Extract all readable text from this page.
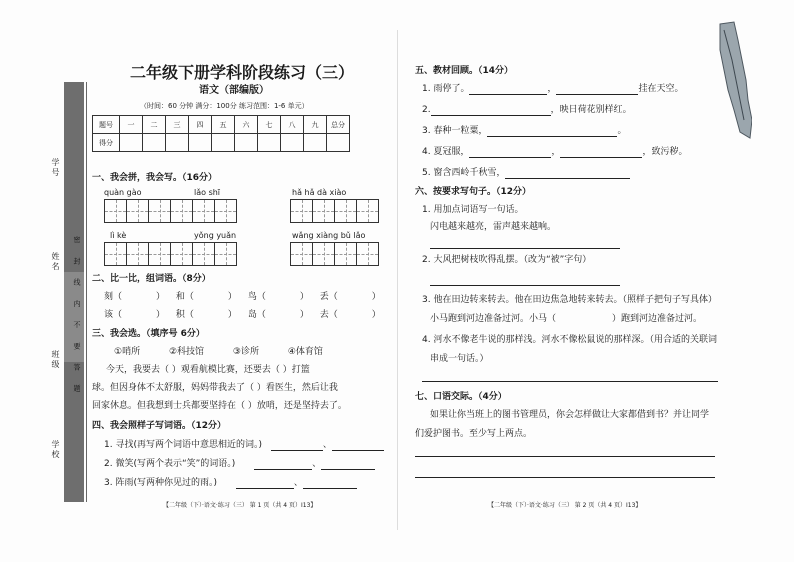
学号
姓名
班级
学校
密 封 线 内 不 要 答 题
二年级下册学科阶段练习（三）
语文（部编版）
（时间：60 分钟 满分：100分 练习范围：1-6 单元）
题号	一	二	三	四	五	六	七	八	九	总分
得分										
一、我会拼，我会写。（16分）
quàn gào	lǎo shī	hǎ hǎ dà xiào
lì kè	yǒng yuǎn	wǎng xiàng bǔ lǎo
二、比一比，组词语。（8分）
刻（	） 和（	） 鸟（	） 丢（	）
该（	） 积（	） 岛（	） 去（	）
三、我会选。（填序号 6分）
①哨所	②科技馆	③诊所	④体育馆
今天，我要去（ ）观看航模比赛，还要去（ ）打篮
球。但因身体不太舒服，妈妈带我去了（ ）看医生，然后让我
回家休息。但我想到士兵都要坚持在（ ）放哨，还是坚持去了。
四、我会照样子写词语。（12分）
1. 寻找(再写两个词语中意思相近的词。)	、
2. 微笑(写两个表示“笑”的词语。)	、
3. 阵雨(写两种你见过的雨。)	、
【二年级（下）·语文·练习（三） 第 1 页（共 4 页）I13】
五、教材回顾。（14分）
1. 雨停了。	，	挂在天空。
2.	，映日荷花别样红。
3. 春种一粒粟，	。
4. 夏冠服，	，	，致污秽。
5. 窗含西岭千秋雪，
六、按要求写句子。（12分）
1. 用加点词语写一句话。
闪电越来越亮，雷声越来越响。
2. 大风把树枝吹得乱摆。（改为“被”字句）
3. 他在田边转来转去。他在田边焦急地转来转去。（照样子把句子写具体）
小马跑到河边准备过河。小马（	）跑到河边准备过河。
4. 河水不像老牛说的那样浅。河水不像松鼠说的那样深。（用合适的关联词
串成一句话。）
七、口语交际。（4分）
如果让你当班上的图书管理员，你会怎样做让大家都借到书？并让同学
们爱护图书。至少写上两点。
【二年级（下）·语文·练习（三） 第 2 页（共 4 页）I13】
